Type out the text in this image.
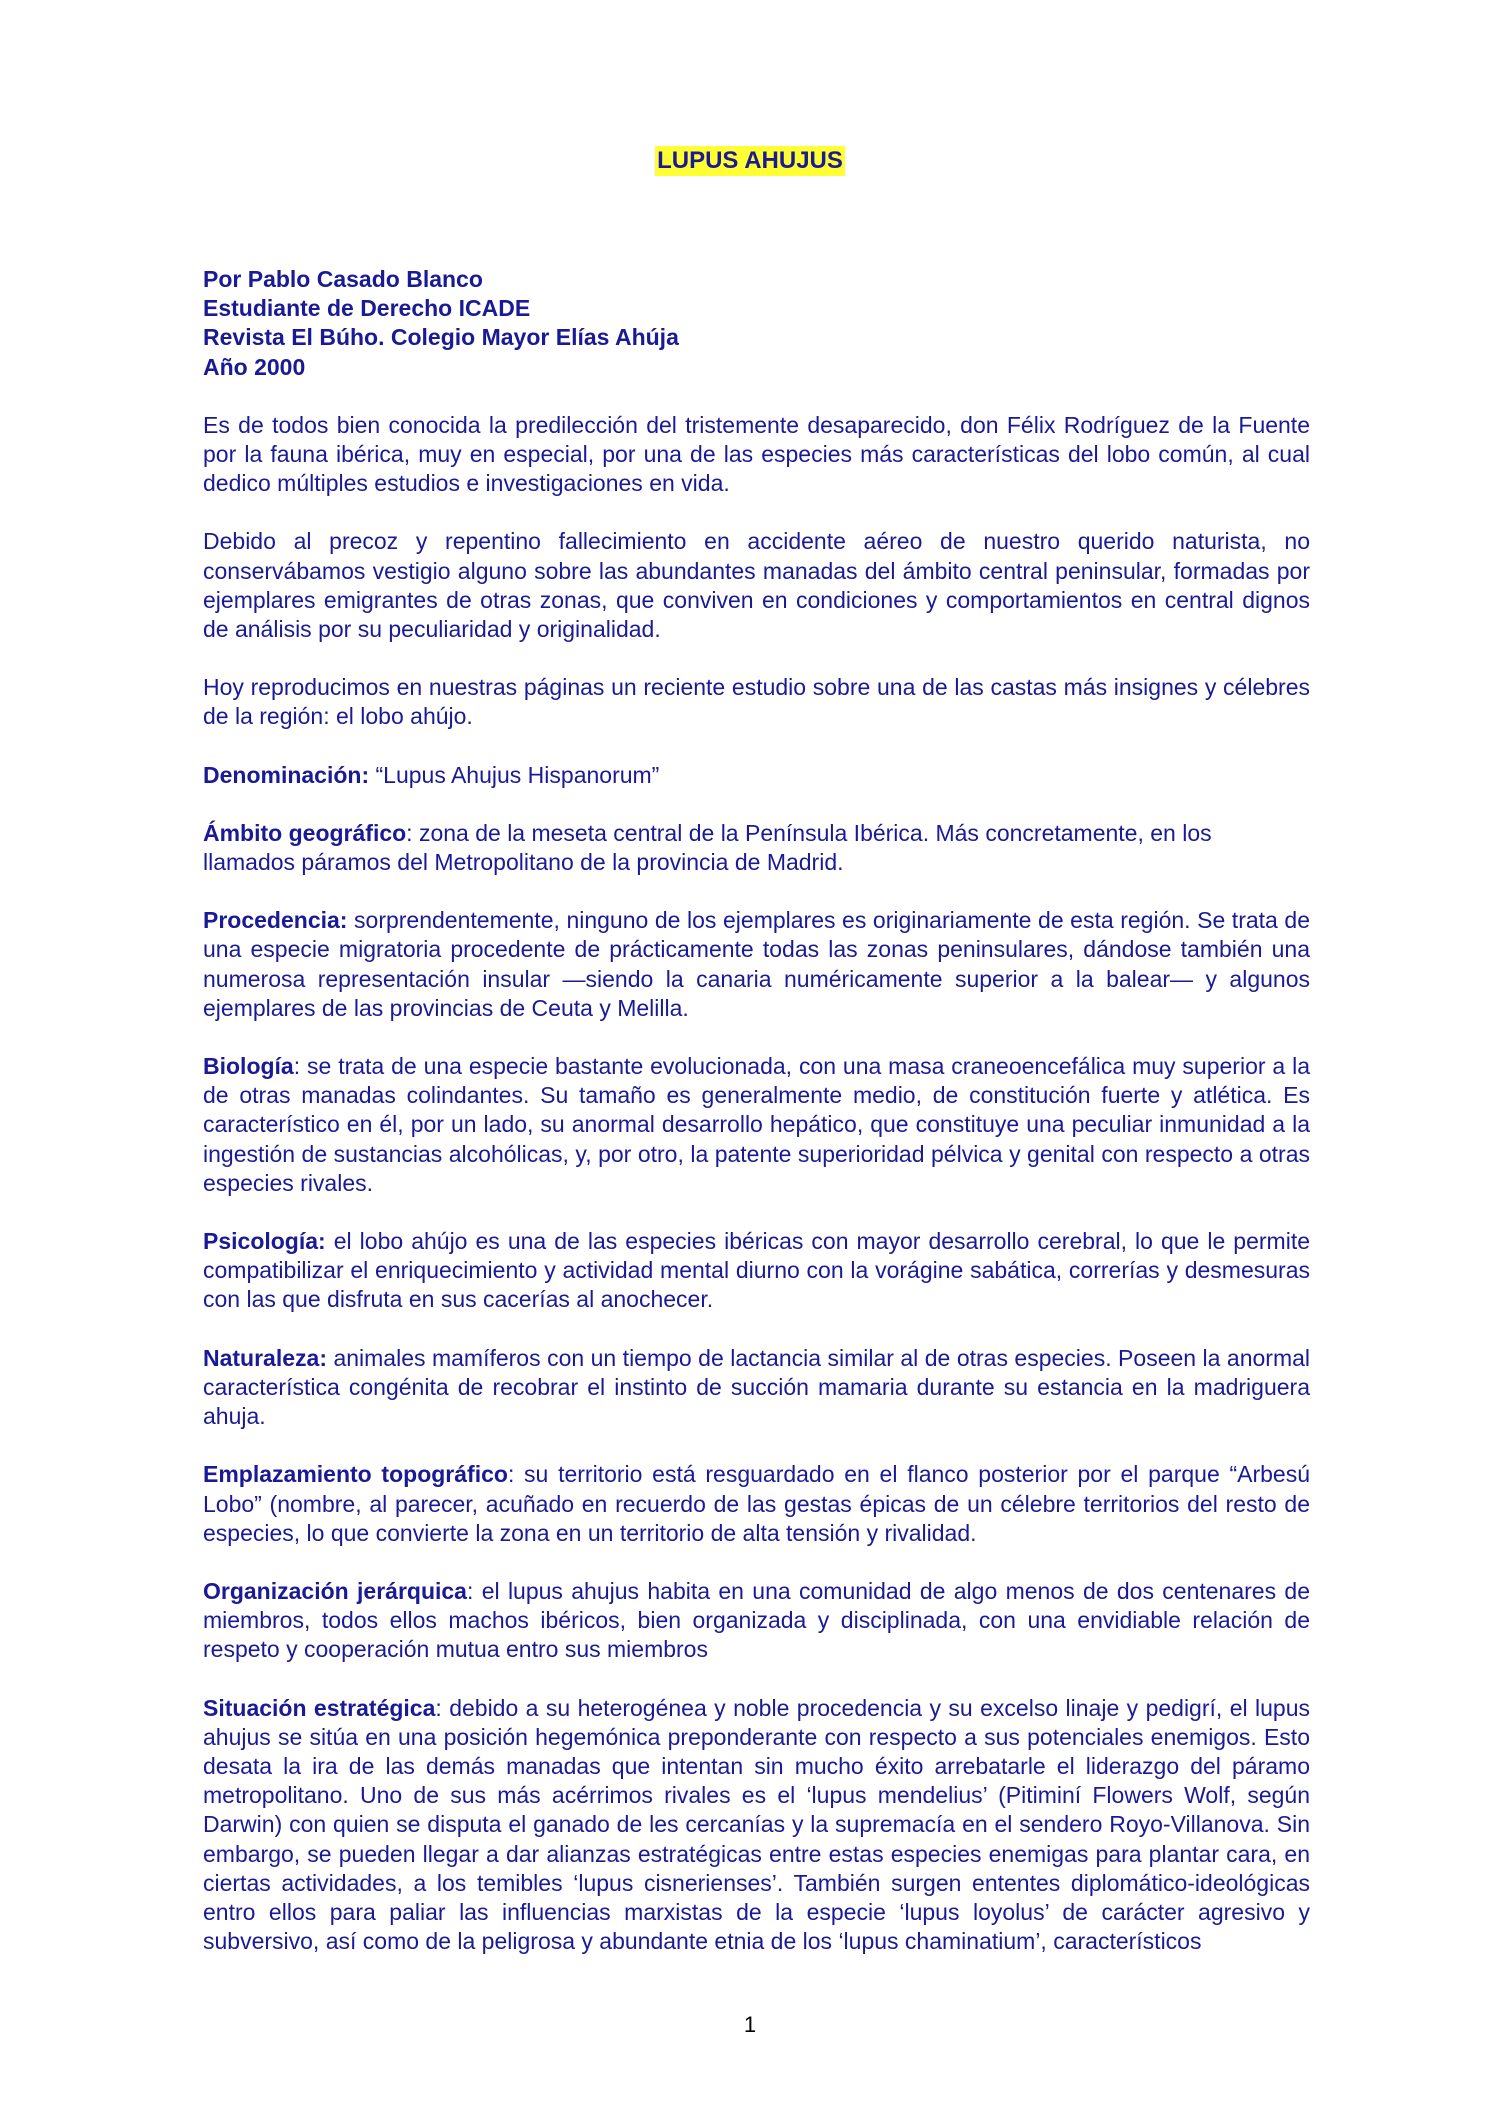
LUPUS AHUJUS
Por Pablo Casado Blanco
Estudiante de Derecho ICADE
Revista El Búho. Colegio Mayor Elías Ahúja
Año 2000

Es de todos bien conocida la predilección del tristemente desaparecido, don Félix Rodríguez de la Fuente por la fauna ibérica, muy en especial, por una de las especies más características del lobo común, al cual dedico múltiples estudios e investigaciones en vida.

Debido al precoz y repentino fallecimiento en accidente aéreo de nuestro querido naturista, no conservábamos vestigio alguno sobre las abundantes manadas del ámbito central peninsular, formadas por ejemplares emigrantes de otras zonas, que conviven en condiciones y comportamientos en central dignos de análisis por su peculiaridad y originalidad.

Hoy reproducimos en nuestras páginas un reciente estudio sobre una de las castas más insignes y célebres de la región: el lobo ahújo.

Denominación: “Lupus Ahujus Hispanorum”

Ámbito geográfico: zona de la meseta central de la Península Ibérica. Más concretamente, en los llamados páramos del Metropolitano de la provincia de Madrid.

Procedencia: sorprendentemente, ninguno de los ejemplares es originariamente de esta región. Se trata de una especie migratoria procedente de prácticamente todas las zonas peninsulares, dándose también una numerosa representación insular —siendo la canaria numéricamente superior a la balear— y algunos ejemplares de las provincias de Ceuta y Melilla.

Biología: se trata de una especie bastante evolucionada, con una masa craneoencefálica muy superior a la de otras manadas colindantes. Su tamaño es generalmente medio, de constitución fuerte y atlética. Es característico en él, por un lado, su anormal desarrollo hepático, que constituye una peculiar inmunidad a la ingestión de sustancias alcohólicas, y, por otro, la patente superioridad pélvica y genital con respecto a otras especies rivales.

Psicología: el lobo ahújo es una de las especies ibéricas con mayor desarrollo cerebral, lo que le permite compatibilizar el enriquecimiento y actividad mental diurno con la vorágine sabática, correrías y desmesuras con las que disfruta en sus cacerías al anochecer.

Naturaleza: animales mamíferos con un tiempo de lactancia similar al de otras especies. Poseen la anormal característica congénita de recobrar el instinto de succión mamaria durante su estancia en la madriguera ahuja.

Emplazamiento topográfico: su territorio está resguardado en el flanco posterior por el parque “Arbesú Lobo” (nombre, al parecer, acuñado en recuerdo de las gestas épicas de un célebre territorios del resto de especies, lo que convierte la zona en un territorio de alta tensión y rivalidad.

Organización jerárquica: el lupus ahujus habita en una comunidad de algo menos de dos centenares de miembros, todos ellos machos ibéricos, bien organizada y disciplinada, con una envidiable relación de respeto y cooperación mutua entro sus miembros

Situación estratégica: debido a su heterogénea y noble procedencia y su excelso linaje y pedigrí, el lupus ahujus se sitúa en una posición hegemónica preponderante con respecto a sus potenciales enemigos. Esto desata la ira de las demás manadas que intentan sin mucho éxito arrebatarle el liderazgo del páramo metropolitano. Uno de sus más acérrimos rivales es el ‘lupus mendelius’ (Pitiminí Flowers Wolf, según Darwin) con quien se disputa el ganado de les cercanías y la supremacía en el sendero Royo-Villanova. Sin embargo, se pueden llegar a dar alianzas estratégicas entre estas especies enemigas para plantar cara, en ciertas actividades, a los temibles ‘lupus cisnerienses’. También surgen ententes diplomático-ideológicas entro ellos para paliar las influencias marxistas de la especie ‘lupus loyolus’ de carácter agresivo y subversivo, así como de la peligrosa y abundante etnia de los ‘lupus chaminatium’, característicos

1
